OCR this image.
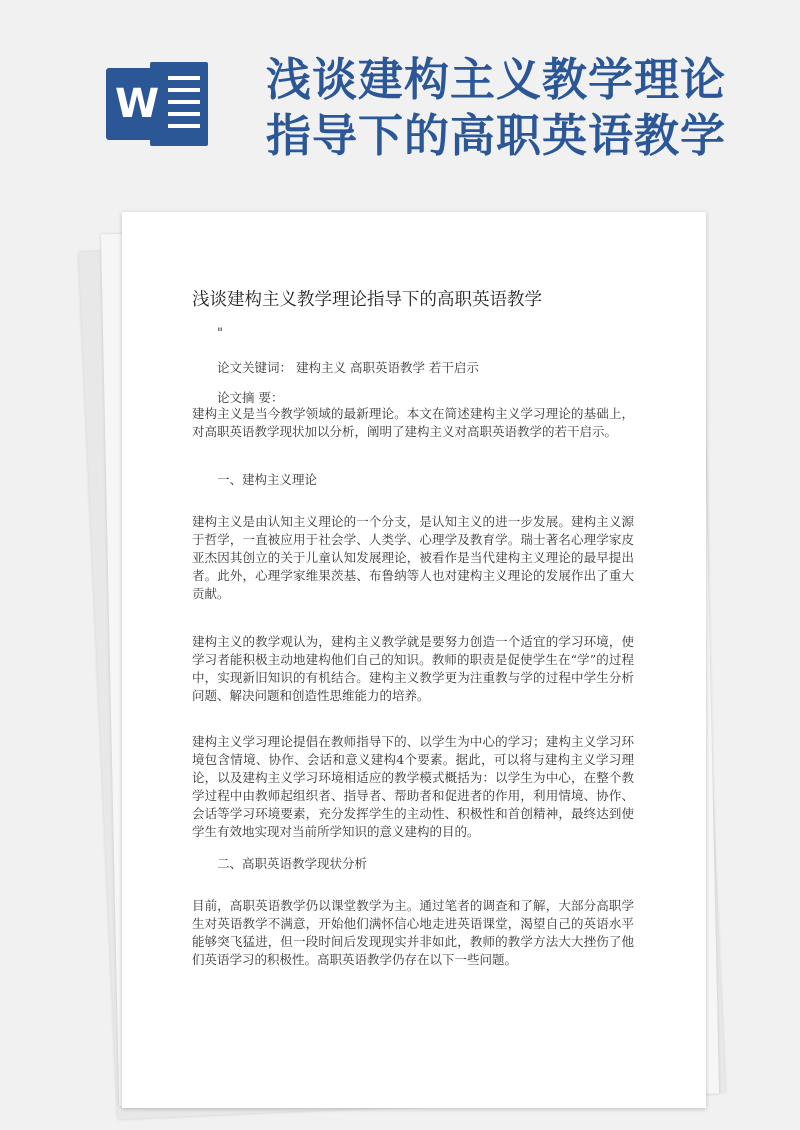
W 浅谈建构主义教学理论
指导下的高职英语教学
浅谈建构主义教学理论指导下的高职英语教学
"
论文关键词： 建构主义 高职英语教学 若干启示
论文摘 要：
建构主义是当今教学领域的最新理论。本文在简述建构主义学习理论的基础上，对高职英语教学现状加以分析，阐明了建构主义对高职英语教学的若干启示。
一、建构主义理论
建构主义是由认知主义理论的一个分支，是认知主义的进一步发展。建构主义源于哲学，一直被应用于社会学、人类学、心理学及教育学。瑞士著名心理学家皮亚杰因其创立的关于儿童认知发展理论，被看作是当代建构主义理论的最早提出者。此外，心理学家维果茨基、布鲁纳等人也对建构主义理论的发展作出了重大贡献。
建构主义的教学观认为，建构主义教学就是要努力创造一个适宜的学习环境，使学习者能积极主动地建构他们自己的知识。教师的职责是促使学生在“学”的过程中，实现新旧知识的有机结合。建构主义教学更为注重教与学的过程中学生分析问题、解决问题和创造性思维能力的培养。
建构主义学习理论提倡在教师指导下的、以学生为中心的学习；建构主义学习环境包含情境、协作、会话和意义建构4个要素。据此，可以将与建构主义学习理论，以及建构主义学习环境相适应的教学模式概括为：以学生为中心，在整个教学过程中由教师起组织者、指导者、帮助者和促进者的作用，利用情境、协作、会话等学习环境要素，充分发挥学生的主动性、积极性和首创精神，最终达到使学生有效地实现对当前所学知识的意义建构的目的。
二、高职英语教学现状分析
目前，高职英语教学仍以课堂教学为主。通过笔者的调查和了解，大部分高职学生对英语教学不满意，开始他们满怀信心地走进英语课堂，渴望自己的英语水平能够突飞猛进，但一段时间后发现现实并非如此，教师的教学方法大大挫伤了他们英语学习的积极性。高职英语教学仍存在以下一些问题。
